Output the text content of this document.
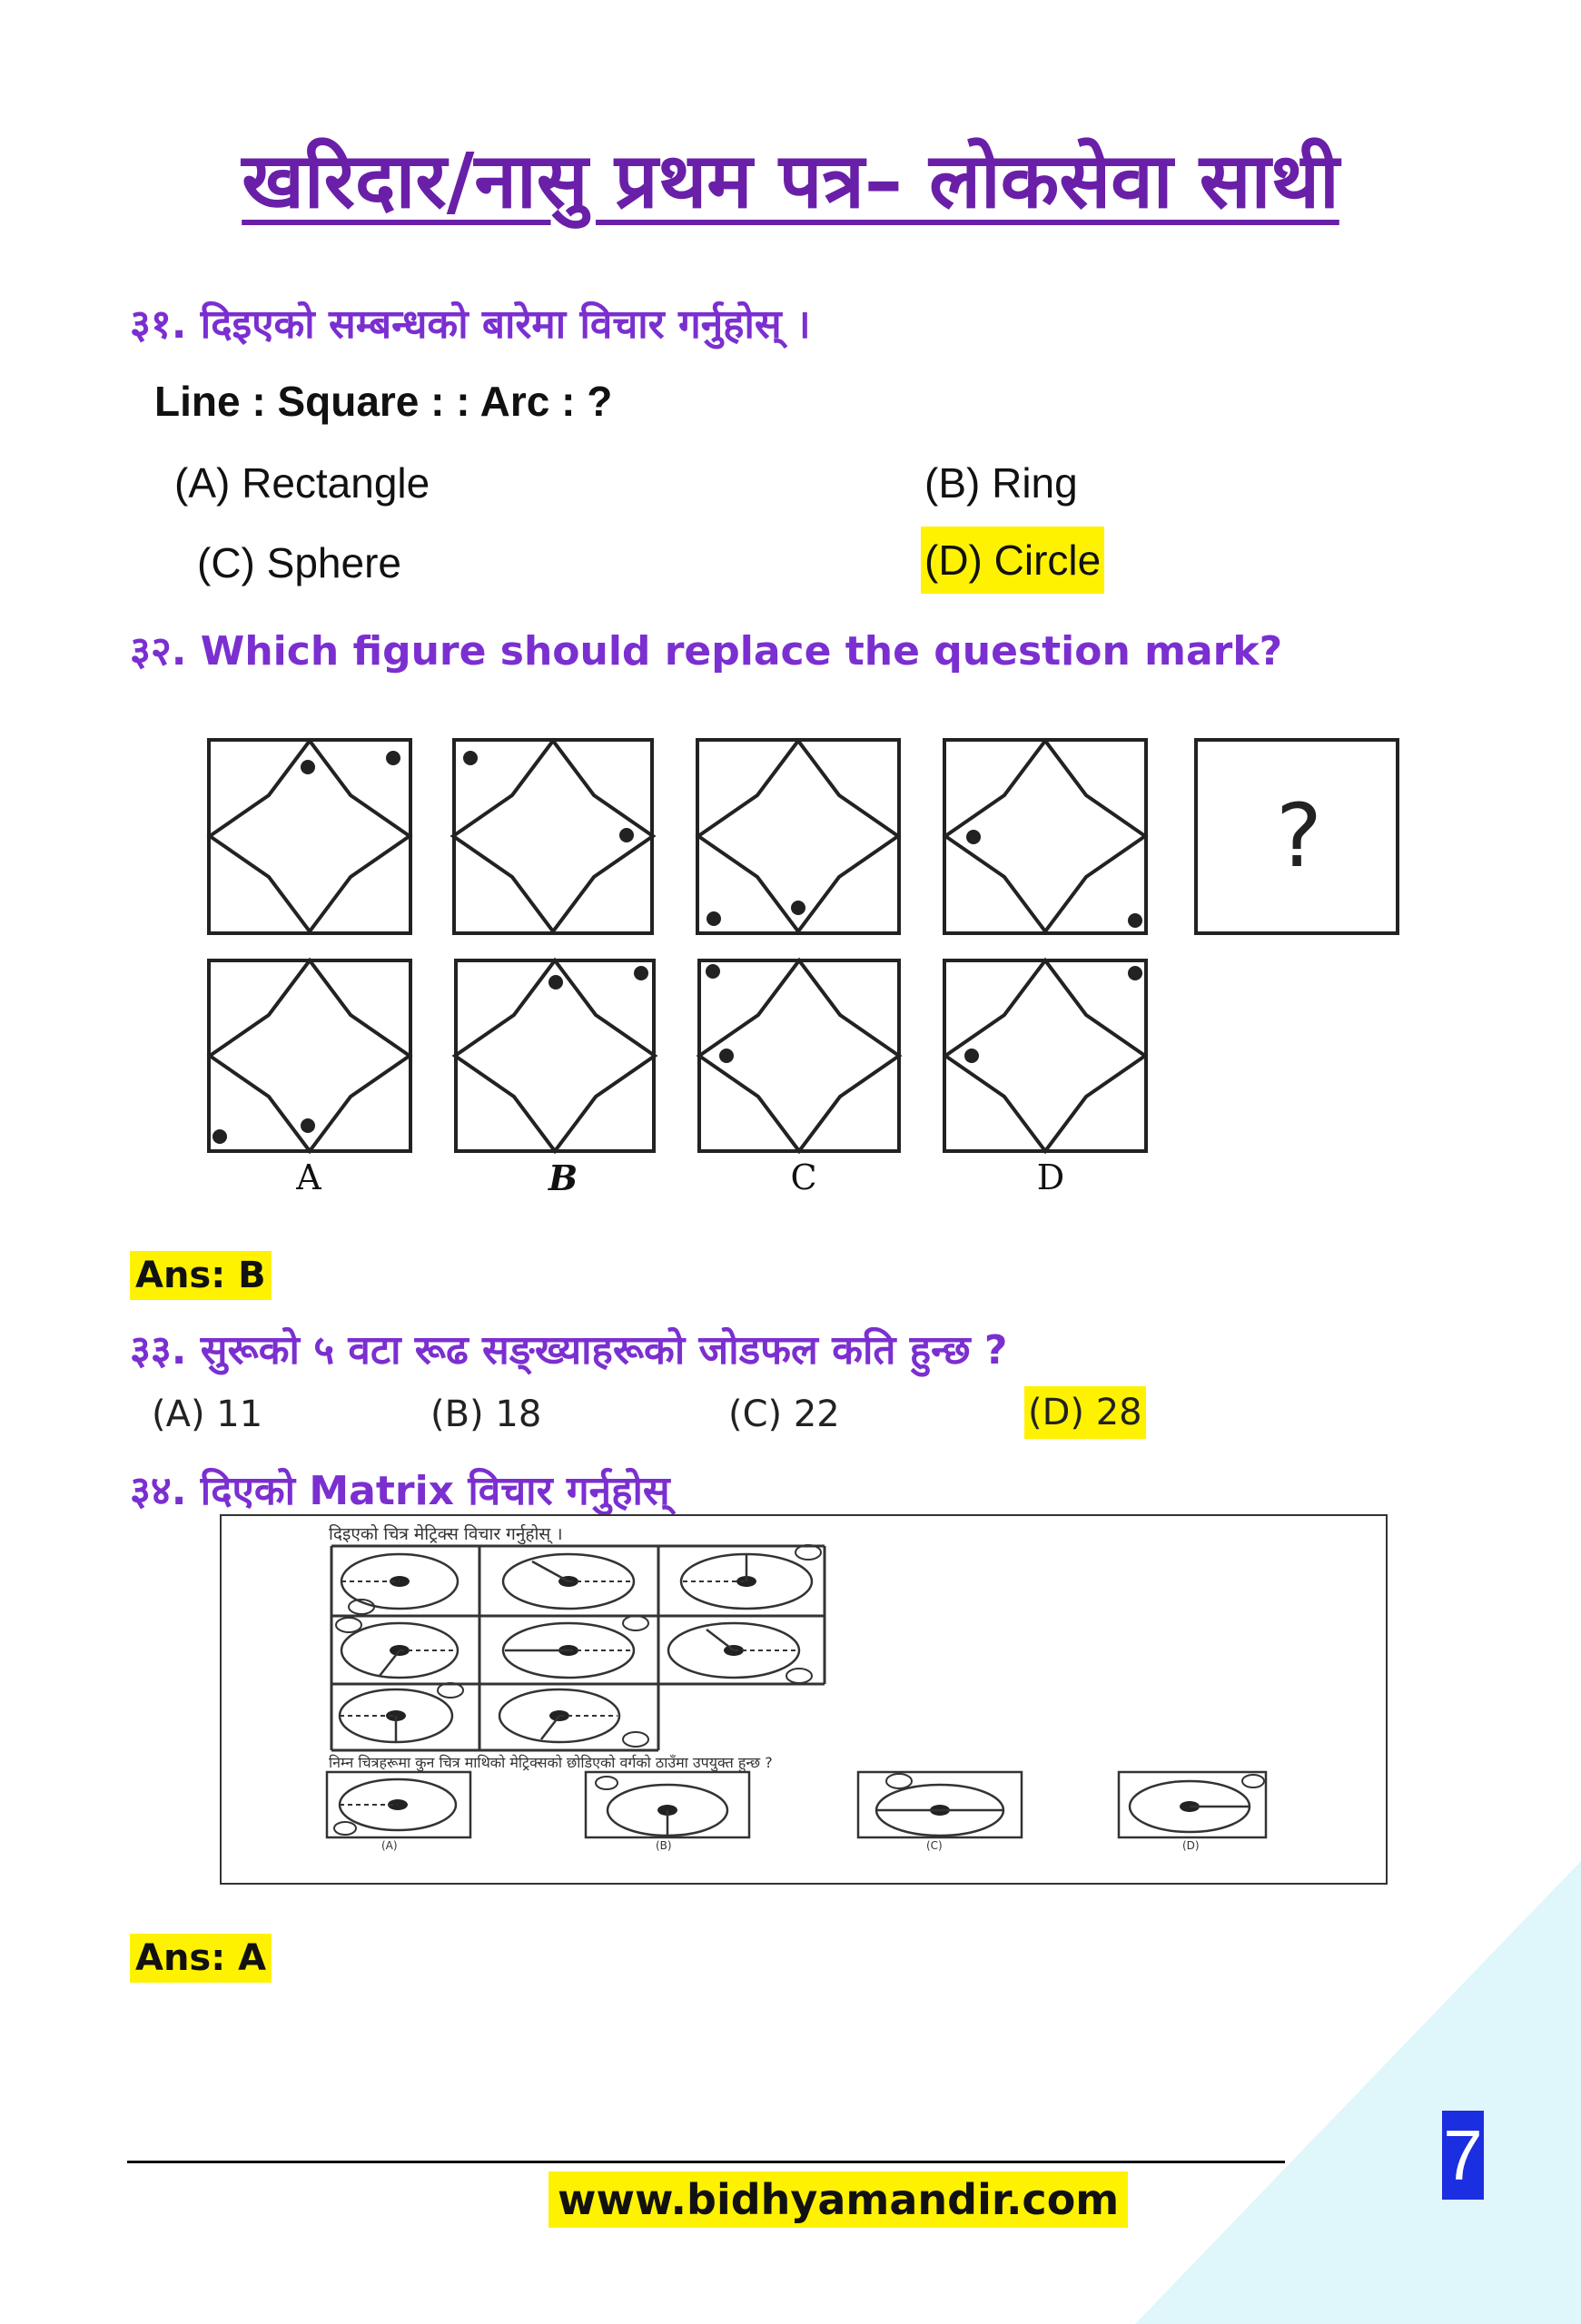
खरिदार/नासु प्रथम पत्र– लोकसेवा साथी
३१. दिइएको सम्बन्धको बारेमा विचार गर्नुहोस् ।
Line : Square : : Arc : ?
(A) Rectangle	(B) Ring
(C) Sphere	(D) Circle
३२. Which figure should replace the question mark?
?
A	B	C	D
Ans: B
३३. सुरूको ५ वटा रूढ सङ्ख्याहरूको जोडफल कति हुन्छ ?
(A) 11	(B) 18	(C) 22	(D) 28
३४. दिएको Matrix विचार गर्नुहोस्
दिइएको चित्र मेट्रिक्स विचार गर्नुहोस् ।
निम्न चित्रहरूमा कुन चित्र माथिको मेट्रिक्सको छोडिएको वर्गको ठाउँमा उपयुक्त हुन्छ ?
(A)	(B)	(C)	(D)
Ans: A
www.bidhyamandir.com
7
